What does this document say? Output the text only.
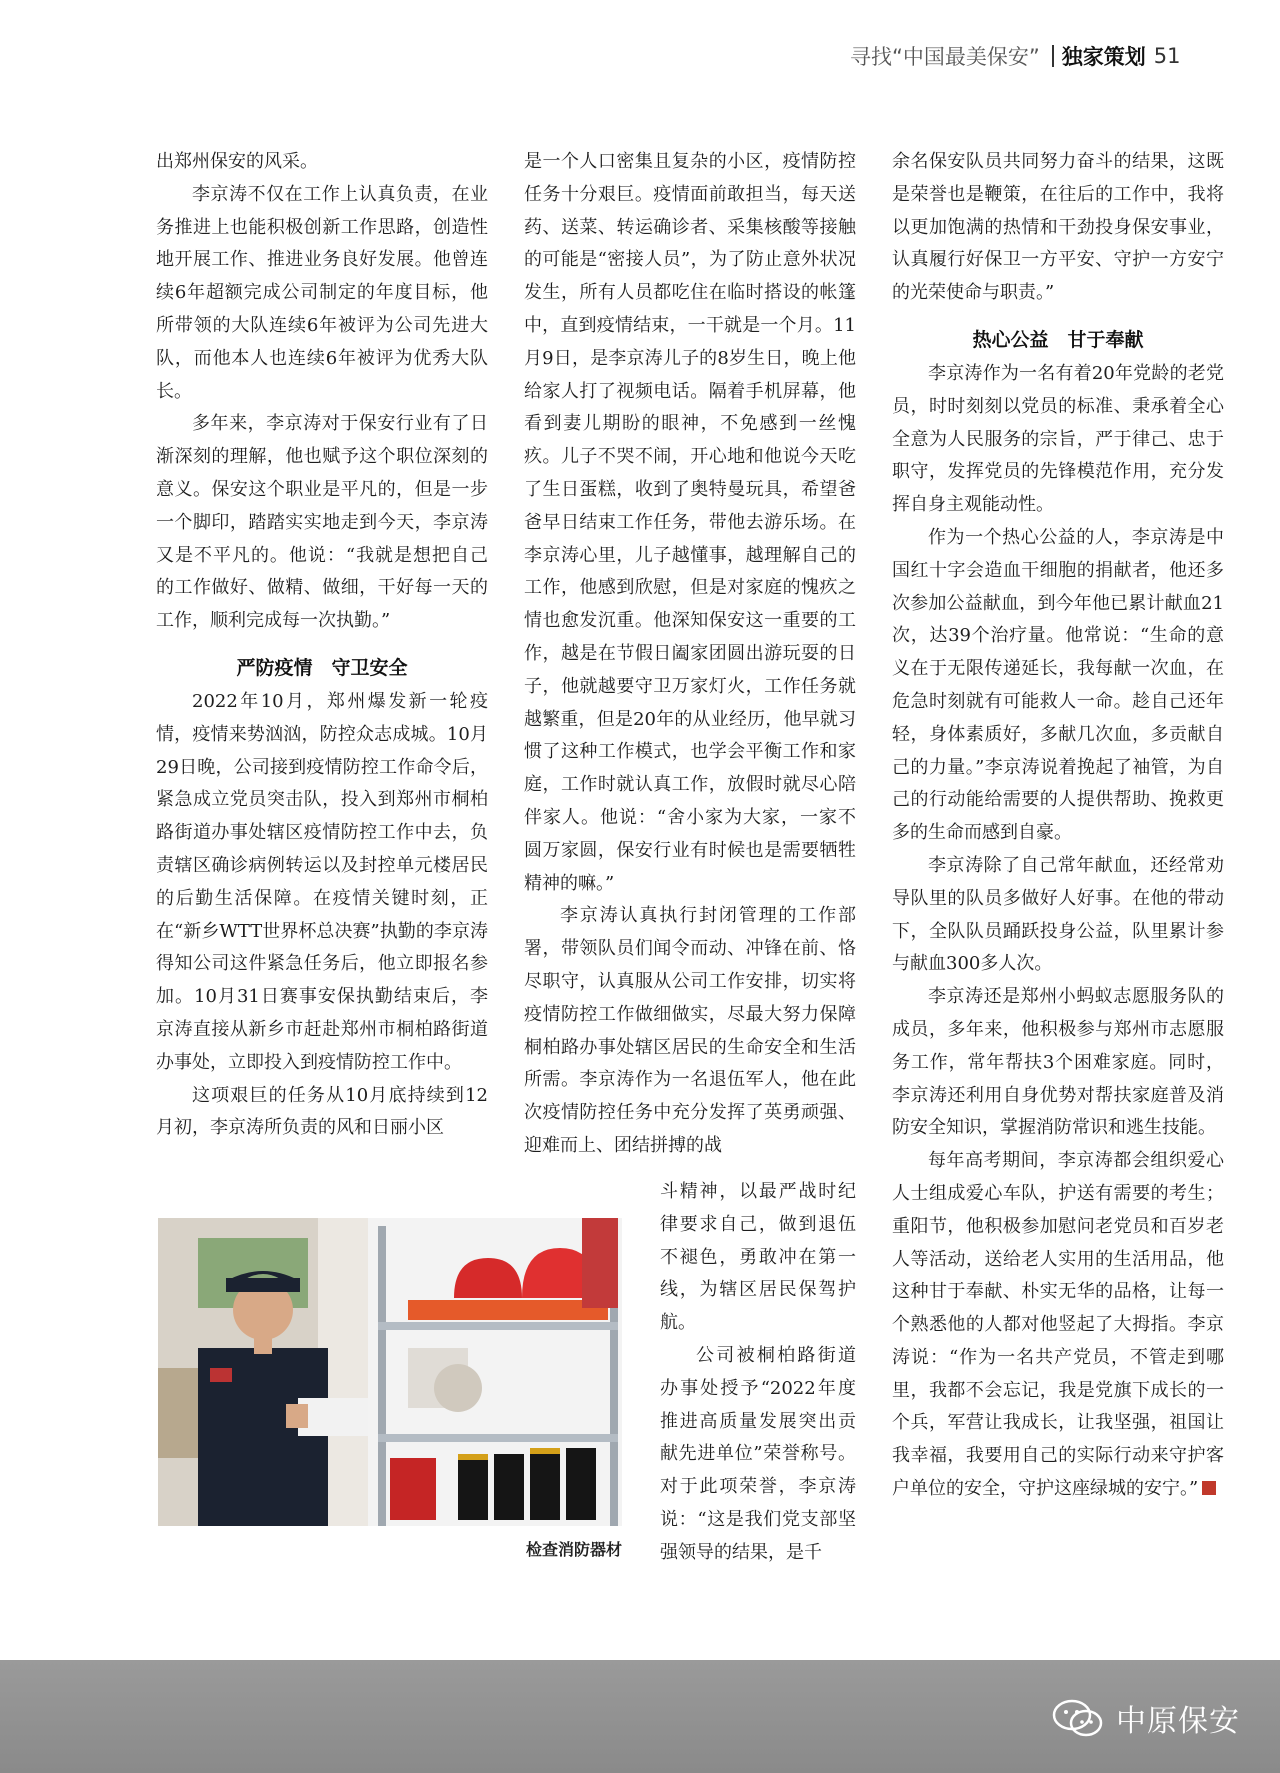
寻找“中国最美保安” 独家策划 51

出郑州保安的风采。

李京涛不仅在工作上认真负责，在业务推进上也能积极创新工作思路，创造性地开展工作、推进业务良好发展。他曾连续6年超额完成公司制定的年度目标，他所带领的大队连续6年被评为公司先进大队，而他本人也连续6年被评为优秀大队长。

多年来，李京涛对于保安行业有了日渐深刻的理解，他也赋予这个职位深刻的意义。保安这个职业是平凡的，但是一步一个脚印，踏踏实实地走到今天，李京涛又是不平凡的。他说：“我就是想把自己的工作做好、做精、做细，干好每一天的工作，顺利完成每一次执勤。”

严防疫情　守卫安全

2022年10月，郑州爆发新一轮疫情，疫情来势汹汹，防控众志成城。10月29日晚，公司接到疫情防控工作命令后，紧急成立党员突击队，投入到郑州市桐柏路街道办事处辖区疫情防控工作中去，负责辖区确诊病例转运以及封控单元楼居民的后勤生活保障。在疫情关键时刻，正在“新乡WTT世界杯总决赛”执勤的李京涛得知公司这件紧急任务后，他立即报名参加。10月31日赛事安保执勤结束后，李京涛直接从新乡市赶赴郑州市桐柏路街道办事处，立即投入到疫情防控工作中。

这项艰巨的任务从10月底持续到12月初，李京涛所负责的风和日丽小区

是一个人口密集且复杂的小区，疫情防控任务十分艰巨。疫情面前敢担当，每天送药、送菜、转运确诊者、采集核酸等接触的可能是“密接人员”，为了防止意外状况发生，所有人员都吃住在临时搭设的帐篷中，直到疫情结束，一干就是一个月。11月9日，是李京涛儿子的8岁生日，晚上他给家人打了视频电话。隔着手机屏幕，他看到妻儿期盼的眼神，不免感到一丝愧疚。儿子不哭不闹，开心地和他说今天吃了生日蛋糕，收到了奥特曼玩具，希望爸爸早日结束工作任务，带他去游乐场。在李京涛心里，儿子越懂事，越理解自己的工作，他感到欣慰，但是对家庭的愧疚之情也愈发沉重。他深知保安这一重要的工作，越是在节假日阖家团圆出游玩耍的日子，他就越要守卫万家灯火，工作任务就越繁重，但是20年的从业经历，他早就习惯了这种工作模式，也学会平衡工作和家庭，工作时就认真工作，放假时就尽心陪伴家人。他说：“舍小家为大家，一家不圆万家圆，保安行业有时候也是需要牺牲精神的嘛。”

李京涛认真执行封闭管理的工作部署，带领队员们闻令而动、冲锋在前、恪尽职守，认真服从公司工作安排，切实将疫情防控工作做细做实，尽最大努力保障桐柏路办事处辖区居民的生命安全和生活所需。李京涛作为一名退伍军人，他在此次疫情防控任务中充分发挥了英勇顽强、迎难而上、团结拼搏的战

斗精神，以最严战时纪律要求自己，做到退伍不褪色，勇敢冲在第一线，为辖区居民保驾护航。

公司被桐柏路街道办事处授予“2022年度推进高质量发展突出贡献先进单位”荣誉称号。对于此项荣誉，李京涛说：“这是我们党支部坚强领导的结果，是千

余名保安队员共同努力奋斗的结果，这既是荣誉也是鞭策，在往后的工作中，我将以更加饱满的热情和干劲投身保安事业，认真履行好保卫一方平安、守护一方安宁的光荣使命与职责。”

热心公益　甘于奉献

李京涛作为一名有着20年党龄的老党员，时时刻刻以党员的标准、秉承着全心全意为人民服务的宗旨，严于律己、忠于职守，发挥党员的先锋模范作用，充分发挥自身主观能动性。

作为一个热心公益的人，李京涛是中国红十字会造血干细胞的捐献者，他还多次参加公益献血，到今年他已累计献血21次，达39个治疗量。他常说：“生命的意义在于无限传递延长，我每献一次血，在危急时刻就有可能救人一命。趁自己还年轻，身体素质好，多献几次血，多贡献自己的力量。”李京涛说着挽起了袖管，为自己的行动能给需要的人提供帮助、挽救更多的生命而感到自豪。

李京涛除了自己常年献血，还经常劝导队里的队员多做好人好事。在他的带动下，全队队员踊跃投身公益，队里累计参与献血300多人次。

李京涛还是郑州小蚂蚁志愿服务队的成员，多年来，他积极参与郑州市志愿服务工作，常年帮扶3个困难家庭。同时，李京涛还利用自身优势对帮扶家庭普及消防安全知识，掌握消防常识和逃生技能。

每年高考期间，李京涛都会组织爱心人士组成爱心车队，护送有需要的考生；重阳节，他积极参加慰问老党员和百岁老人等活动，送给老人实用的生活用品，他这种甘于奉献、朴实无华的品格，让每一个熟悉他的人都对他竖起了大拇指。李京涛说：“作为一名共产党员，不管走到哪里，我都不会忘记，我是党旗下成长的一个兵，军营让我成长，让我坚强，祖国让我幸福，我要用自己的实际行动来守护客户单位的安全，守护这座绿城的安宁。”

检查消防器材
中原保安
